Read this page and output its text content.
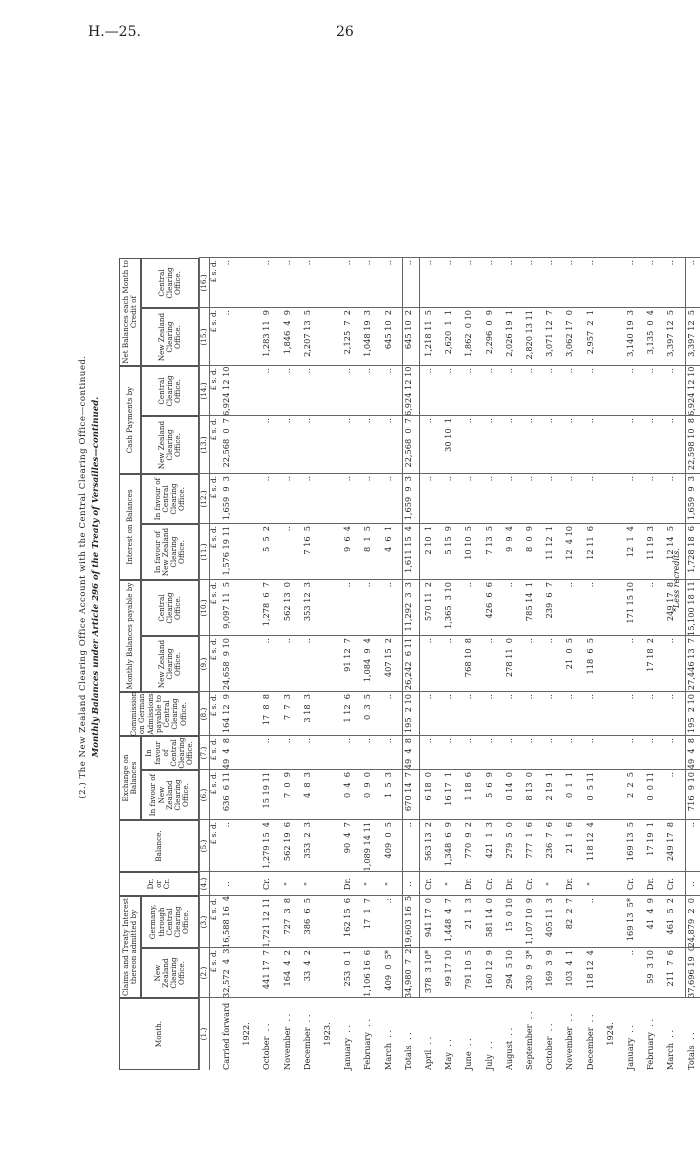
H.—25.	26
(2.) The New Zealand Clearing Office Account with the Central Clearing Office—continued. Monthly Balances under Article 296 of the Treaty of Versailles—continued.
Claims and Treaty Interest thereon admitted by
Exchange on Balances
Monthly Balances payable by
Interest on Balances
Cash Payments by
Net Balances each Month to Credit of
Month.
New Zealand Clearing Office.
Germany, through Central Clearing Office.
Dr. or Cr.
Balance.
In favour of New Zealand Clearing Office.
In favour of Central Clearing Office.
Commission on German Admissions payable to Central Clearing Office.
New Zealand Clearing Office.
Central Clearing Office.
In favour of New Zealand Clearing Office.
In favour of Central Clearing Office.
New Zealand Clearing Office.
Central Clearing Office.
New Zealand Clearing Office.
Central Clearing Office.
(1.)
(2.)
(3.)
(4.)
(5.)
(6.)
(7.)
(8.)
(9.)
(10.)
(11.)
(12.)
(13.)
(14.)
(15.)
(16.)
£ s. d.
£ s. d.
£ s. d.
£ s. d.
£ s. d.
£ s. d.
£ s. d.
£ s. d.
£ s. d.
£ s. d.
£ s. d.
£ s. d.
£ s. d.
£ s. d.
Carried forward
32,572  4  3
16,588 16  4
..
..
636  6 11
49  4  8
164 12  9
24,658  9 10
9,097 11  5
1,576 19 11
1,659  9  3
22,568  0  7
6,924 12 10
..
..
1922. October  . .
441 17  7
1,721 12 11
Cr.
1,279 15  4
15 19 11
..
17  8  8
..
1,278  6  7
5  5  2
..
..
..
1,283 11  9
..
November  . .
164  4  2
727  3  8
"
562 19  6
7  0  9
..
7  7  3
..
562 13  0
..
..
..
..
1,846  4  9
..
December  . .
33  4  2
386  6  5
"
353  2  3
4  8  3
..
3 18  3
..
353 12  3
7 16  5
..
..
..
2,207 13  5
..
1923. January  . .
253  0  1
162 15  6
Dr.
90  4  7
0  4  6
..
1 12  6
91 12  7
..
9  6  4
..
..
..
2,125  7  2
..
February  . .
1,106 16  6
17  1  7
"
1,089 14 11
0  9  0
..
0  3  5
1,084  9  4
..
8  1  5
..
..
..
1,048 19  3
..
March  . .
409  0  5*
.:
"
409  0  5
1  5  3
..
..
407 15  2
..
4  6  1
..
..
..
645 10  2
..
Totals  . .
34,980  7  2
19,603 16  5
..
..
670 14  7
49  4  8
195  2 10
26,242  6 11
11,292  3  3
1,611 15  4
1,659  9  3
22,568  0  7
6,924 12 10
645 10  2
..
April  . .
378  3 10*
941 17  0
Cr.
563 13  2
6 18  0
..
..
..
570 11  2
2 10  1
..
..
..
1,218 11  5
..
May  . .
99 17 10
1,448  4  7
"
1,348  6  9
16 17  1
..
..
..
1,365  3 10
5 15  9
..
30 10  1
..
2,620  1  1
..
June  . .
791 10  5
21  1  3
Dr.
770  9  2
1 18  6
..
..
768 10  8
..
10 10  5
..
..
..
1,862  0 10
..
July  . .
160 12  9
581 14  0
Cr.
421  1  3
5  6  9
..
..
..
426  6  6
7 13  5
..
..
..
2,296  0  9
..
August  . .
294  5 10
15  0 10
Dr.
279  5  0
0 14  0
..
..
278 11  0
..
9  9  4
..
..
..
2,026 19  1
..
September  . .
330  9  3*
1,107 10  9
Cr.
777  1  6
8 13  0
..
..
..
785 14  1
8  0  9
..
..
..
2,820 13 11
..
October  . .
169  3  9
405 11  3
"
236  7  6
2 19  1
..
..
..
239  6  7
11 12  1
..
..
..
3,071 12  7
..
November  . .
103  4  1
82  2  7
Dr.
21  1  6
0  1  1
..
..
21  0  5
..
12  4 10
..
..
..
3,062 17  0
..
December  . .
118 12  4
..
"
118 12  4
0  5 11
..
..
118  6  5
..
12 11  6
..
..
..
2,957  2  1
..
1924. January  . .
..
169 13  5*
Cr.
169 13  5
2  2  5
..
..
..
171 15 10
12  1  4
..
..
..
3,140 19  3
..
February  . .
59  3 10
41  4  9
Dr.
17 19  1
0  0 11
..
..
17 18  2
..
11 19  3
..
..
..
3,135  0  4
..
March  . .
211  7  6
461  5  2
Cr.
249 17  8
..
..
..
..
249 17  8
12 14  5
..
..
..
3,397 12  5
..
Totals  . .
37,696 19  0
24,879  2  0
..
..
716  9 10
49  4  8
195  2 10
27,446 13  7
15,100 18 11
1,728 18  6
1,659  9  3
22,598 10  8
6,924 12 10
3,397 12  5
..
*Less recredits.
